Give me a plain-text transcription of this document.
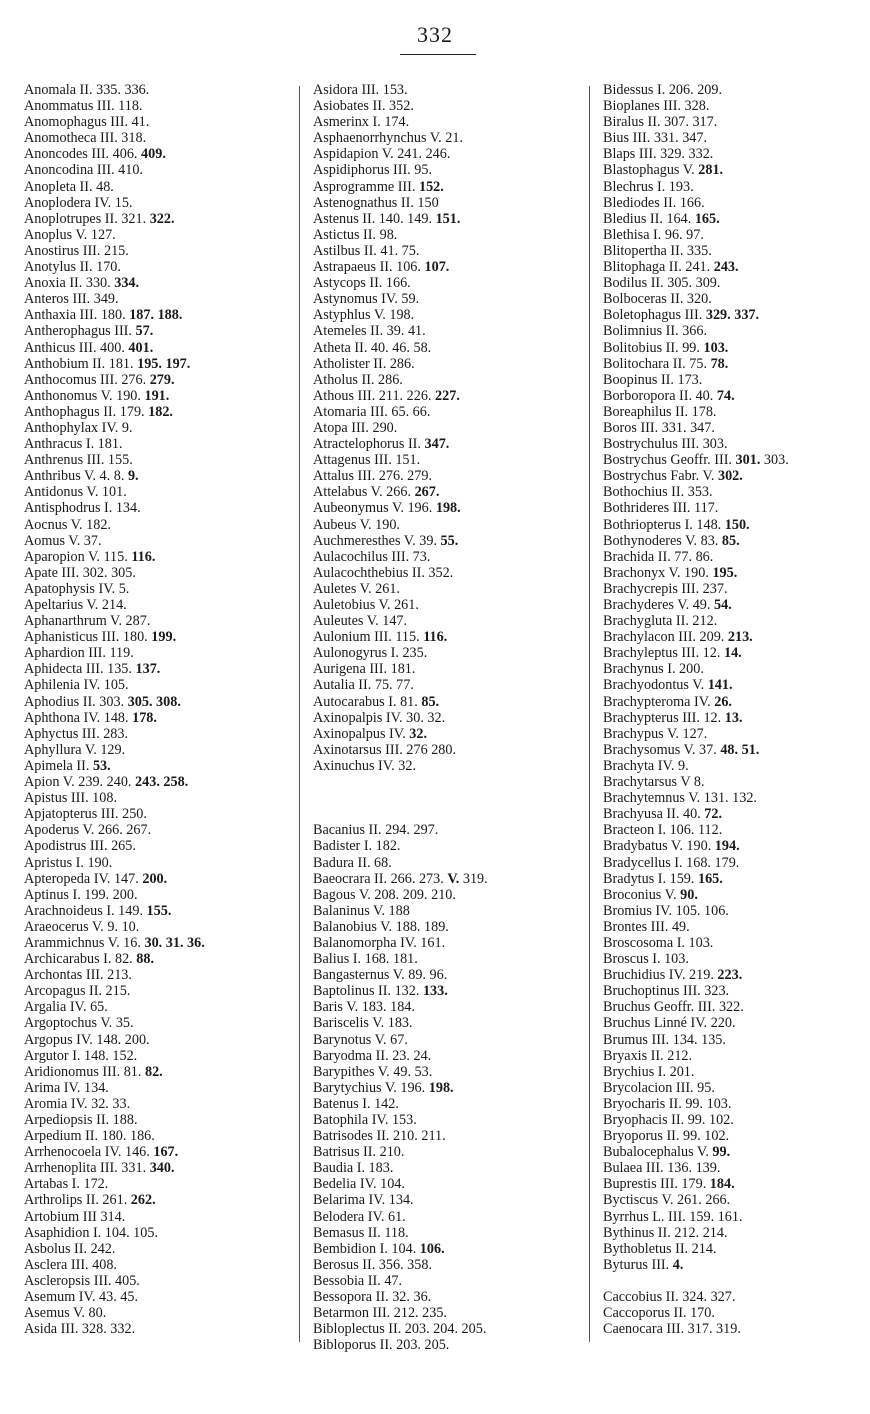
332
Anomala II. 335. 336.
Anommatus III. 118.
Anomophagus III. 41.
Anomotheca III. 318.
Anoncodes III. 406. 409.
Anoncodina III. 410.
Anopleta II. 48.
Anoplodera IV. 15.
Anoplotrupes II. 321. 322.
Anoplus V. 127.
Anostirus III. 215.
Anotylus II. 170.
Anoxia II. 330. 334.
Anteros III. 349.
Anthaxia III. 180. 187. 188.
Antherophagus III. 57.
Anthicus III. 400. 401.
Anthobium II. 181. 195. 197.
Anthocomus III. 276. 279.
Anthonomus V. 190. 191.
Anthophagus II. 179. 182.
Anthophylax IV. 9.
Anthracus I. 181.
Anthrenus III. 155.
Anthribus V. 4. 8. 9.
Antidonus V. 101.
Antisphodrus I. 134.
Aocnus V. 182.
Aomus V. 37.
Aparopion V. 115. 116.
Apate III. 302. 305.
Apatophysis IV. 5.
Apeltarius V. 214.
Aphanarthrum V. 287.
Aphanisticus III. 180. 199.
Aphardion III. 119.
Aphidecta III. 135. 137.
Aphilenia IV. 105.
Aphodius II. 303. 305. 308.
Aphthona IV. 148. 178.
Aphyctus III. 283.
Aphyllura V. 129.
Apimela II. 53.
Apion V. 239. 240. 243. 258.
Apistus III. 108.
Apjatopterus III. 250.
Apoderus V. 266. 267.
Apodistrus III. 265.
Apristus I. 190.
Apteropeda IV. 147. 200.
Aptinus I. 199. 200.
Arachnoideus I. 149. 155.
Araeocerus V. 9. 10.
Arammichnus V. 16. 30. 31. 36.
Archicarabus I. 82. 88.
Archontas III. 213.
Arcopagus II. 215.
Argalia IV. 65.
Argoptochus V. 35.
Argopus IV. 148. 200.
Argutor I. 148. 152.
Aridionomus III. 81. 82.
Arima IV. 134.
Aromia IV. 32. 33.
Arpediopsis II. 188.
Arpedium II. 180. 186.
Arrhenocoela IV. 146. 167.
Arrhenoplita III. 331. 340.
Artabas I. 172.
Arthrolips II. 261. 262.
Artobium III 314.
Asaphidion I. 104. 105.
Asbolus II. 242.
Asclera III. 408.
Ascleropsis III. 405.
Asemum IV. 43. 45.
Asemus V. 80.
Asida III. 328. 332.
Asidora III. 153.
Asiobates II. 352.
Asmerinx I. 174.
Asphaenorrhynchus V. 21.
Aspidapion V. 241. 246.
Aspidiphorus III. 95.
Asprogramme III. 152.
Astenognathus II. 150
Astenus II. 140. 149. 151.
Astictus II. 98.
Astilbus II. 41. 75.
Astrapaeus II. 106. 107.
Astycops II. 166.
Astynomus IV. 59.
Astyphlus V. 198.
Atemeles II. 39. 41.
Atheta II. 40. 46. 58.
Atholister II. 286.
Atholus II. 286.
Athous III. 211. 226. 227.
Atomaria III. 65. 66.
Atopa III. 290.
Atractelophorus II. 347.
Attagenus III. 151.
Attalus III. 276. 279.
Attelabus V. 266. 267.
Aubeonymus V. 196. 198.
Aubeus V. 190.
Auchmeresthes V. 39. 55.
Aulacochilus III. 73.
Aulacochthebius II. 352.
Auletes V. 261.
Auletobius V. 261.
Auleutes V. 147.
Aulonium III. 115. 116.
Aulonogyrus I. 235.
Aurigena III. 181.
Autalia II. 75. 77.
Autocarabus I. 81. 85.
Axinopalpis IV. 30. 32.
Axinopalpus IV. 32.
Axinotarsus III. 276 280.
Axinuchus IV. 32.

Bacanius II. 294. 297.
Badister I. 182.
Badura II. 68.
Baeocrara II. 266. 273. V. 319.
Bagous V. 208. 209. 210.
Balaninus V. 188
Balanobius V. 188. 189.
Balanomorpha IV. 161.
Balius I. 168. 181.
Bangasternus V. 89. 96.
Baptolinus II. 132. 133.
Baris V. 183. 184.
Bariscelis V. 183.
Barynotus V. 67.
Baryodma II. 23. 24.
Barypithes V. 49. 53.
Barytychius V. 196. 198.
Batenus I. 142.
Batophila IV. 153.
Batrisodes II. 210. 211.
Batrisus II. 210.
Baudia I. 183.
Bedelia IV. 104.
Belarima IV. 134.
Belodera IV. 61.
Bemasus II. 118.
Bembidion I. 104. 106.
Berosus II. 356. 358.
Bessobia II. 47.
Bessopora II. 32. 36.
Betarmon III. 212. 235.
Bibloplectus II. 203. 204. 205.
Bibloporus II. 203. 205.
Bidessus I. 206. 209.
Bioplanes III. 328.
Biralus II. 307. 317.
Bius III. 331. 347.
Blaps III. 329. 332.
Blastophagus V. 281.
Blechrus I. 193.
Blediodes II. 166.
Bledius II. 164. 165.
Blethisa I. 96. 97.
Blitopertha II. 335.
Blitophaga II. 241. 243.
Bodilus II. 305. 309.
Bolboceras II. 320.
Boletophagus III. 329. 337.
Bolimnius II. 366.
Bolitobius II. 99. 103.
Bolitochara II. 75. 78.
Boopinus II. 173.
Borboropora II. 40. 74.
Boreaphilus II. 178.
Boros III. 331. 347.
Bostrychulus III. 303.
Bostrychus Geoffr. III. 301. 303.
Bostrychus Fabr. V. 302.
Bothochius II. 353.
Bothrideres III. 117.
Bothriopterus I. 148. 150.
Bothynoderes V. 83. 85.
Brachida II. 77. 86.
Brachonyx V. 190. 195.
Brachycrepis III. 237.
Brachyderes V. 49. 54.
Brachygluta II. 212.
Brachylacon III. 209. 213.
Brachyleptus III. 12. 14.
Brachynus I. 200.
Brachyodontus V. 141.
Brachypteroma IV. 26.
Brachypterus III. 12. 13.
Brachypus V. 127.
Brachysomus V. 37. 48. 51.
Brachyta IV. 9.
Brachytarsus V 8.
Brachytemnus V. 131. 132.
Brachyusa II. 40. 72.
Bracteon I. 106. 112.
Bradybatus V. 190. 194.
Bradycellus I. 168. 179.
Bradytus I. 159. 165.
Broconius V. 90.
Bromius IV. 105. 106.
Brontes III. 49.
Broscosoma I. 103.
Broscus I. 103.
Bruchidius IV. 219. 223.
Bruchoptinus III. 323.
Bruchus Geoffr. III. 322.
Bruchus Linné IV. 220.
Brumus III. 134. 135.
Bryaxis II. 212.
Brychius I. 201.
Brycolacion III. 95.
Bryocharis II. 99. 103.
Bryophacis II. 99. 102.
Bryoporus II. 99. 102.
Bubalocephalus V. 99.
Bulaea III. 136. 139.
Buprestis III. 179. 184.
Byctiscus V. 261. 266.
Byrrhus L. III. 159. 161.
Bythinus II. 212. 214.
Bythobletus II. 214.
Byturus III. 4.

Caccobius II. 324. 327.
Caccoporus II. 170.
Caenocara III. 317. 319.
